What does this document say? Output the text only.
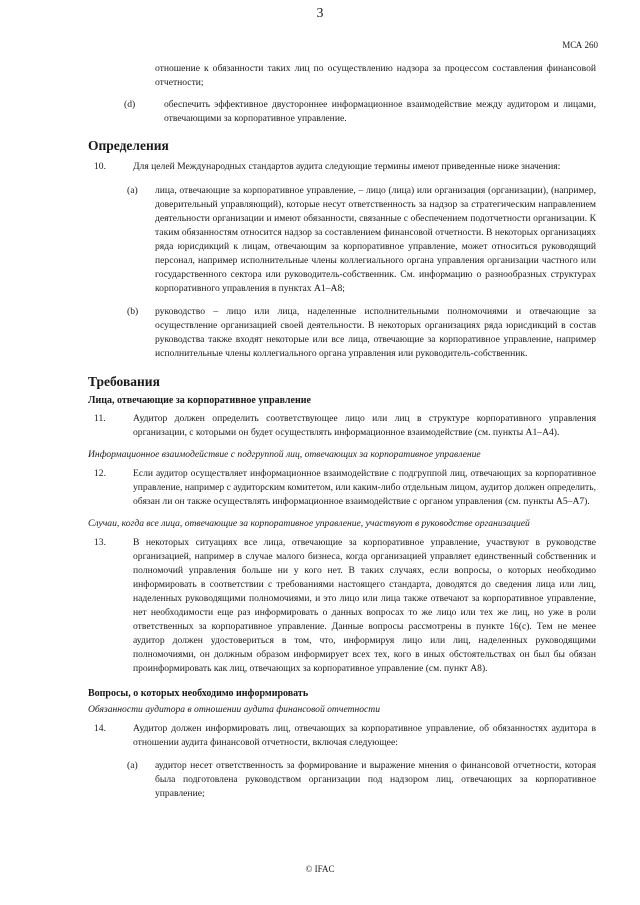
3
МСА 260

отношение к обязанности таких лиц по осуществлению надзора за процессом составления финансовой отчетности;

(d)	обеспечить эффективное двустороннее информационное взаимодействие между аудитором и лицами, отвечающими за корпоративное управление.
Определения
10.	Для целей Международных стандартов аудита следующие термины имеют приведенные ниже значения:
(a)	лица, отвечающие за корпоративное управление, – лицо (лица) или организация (организации), (например, доверительный управляющий), которые несут ответственность за надзор за стратегическим направлением деятельности организации и имеют обязанности, связанные с обеспечением подотчетности организации. К таким обязанностям относится надзор за составлением финансовой отчетности. В некоторых организациях ряда юрисдикций к лицам, отвечающим за корпоративное управление, может относиться руководящий персонал, например исполнительные члены коллегиального органа управления организации частного или государственного сектора или руководитель-собственник. См. информацию о разнообразных структурах корпоративного управления в пунктах A1–A8;
(b)	руководство – лицо или лица, наделенные исполнительными полномочиями и отвечающие за осуществление организацией своей деятельности. В некоторых организациях ряда юрисдикций в состав руководства также входят некоторые или все лица, отвечающие за корпоративное управление, например исполнительные члены коллегиального органа управления или руководитель-собственник.
Требования
Лица, отвечающие за корпоративное управление
11.	Аудитор должен определить соответствующее лицо или лиц в структуре корпоративного управления организации, с которыми он будет осуществлять информационное взаимодействие (см. пункты A1–A4).

Информационное взаимодействие с подгруппой лиц, отвечающих за корпоративное управление

12.	Если аудитор осуществляет информационное взаимодействие с подгруппой лиц, отвечающих за корпоративное управление, например с аудиторским комитетом, или каким-либо отдельным лицом, аудитор должен определить, обязан ли он также осуществлять информационное взаимодействие с органом управления (см. пункты A5–A7).

Случаи, когда все лица, отвечающие за корпоративное управление, участвуют в руководстве организацией

13.	В некоторых ситуациях все лица, отвечающие за корпоративное управление, участвуют в руководстве организацией, например в случае малого бизнеса, когда организацией управляет единственный собственник и полномочий управления больше ни у кого нет. В таких случаях, если вопросы, о которых необходимо информировать в соответствии с требованиями настоящего стандарта, доводятся до сведения лица или лиц, наделенных руководящими полномочиями, и это лицо или лица также отвечают за корпоративное управление, нет необходимости еще раз информировать о данных вопросах то же лицо или тех же лиц, но уже в роли ответственных за корпоративное управление. Данные вопросы рассмотрены в пункте 16(c). Тем не менее аудитор должен удостовериться в том, что, информируя лицо или лиц, наделенных руководящими полномочиями, он должным образом информирует всех тех, кого в иных обстоятельствах он был бы обязан проинформировать как лиц, отвечающих за корпоративное управление (см. пункт A8).
Вопросы, о которых необходимо информировать

Обязанности аудитора в отношении аудита финансовой отчетности

14.	Аудитор должен информировать лиц, отвечающих за корпоративное управление, об обязанностях аудитора в отношении аудита финансовой отчетности, включая следующее:
(a)	аудитор несет ответственность за формирование и выражение мнения о финансовой отчетности, которая была подготовлена руководством организации под надзором лиц, отвечающих за корпоративное управление;
© IFAC
